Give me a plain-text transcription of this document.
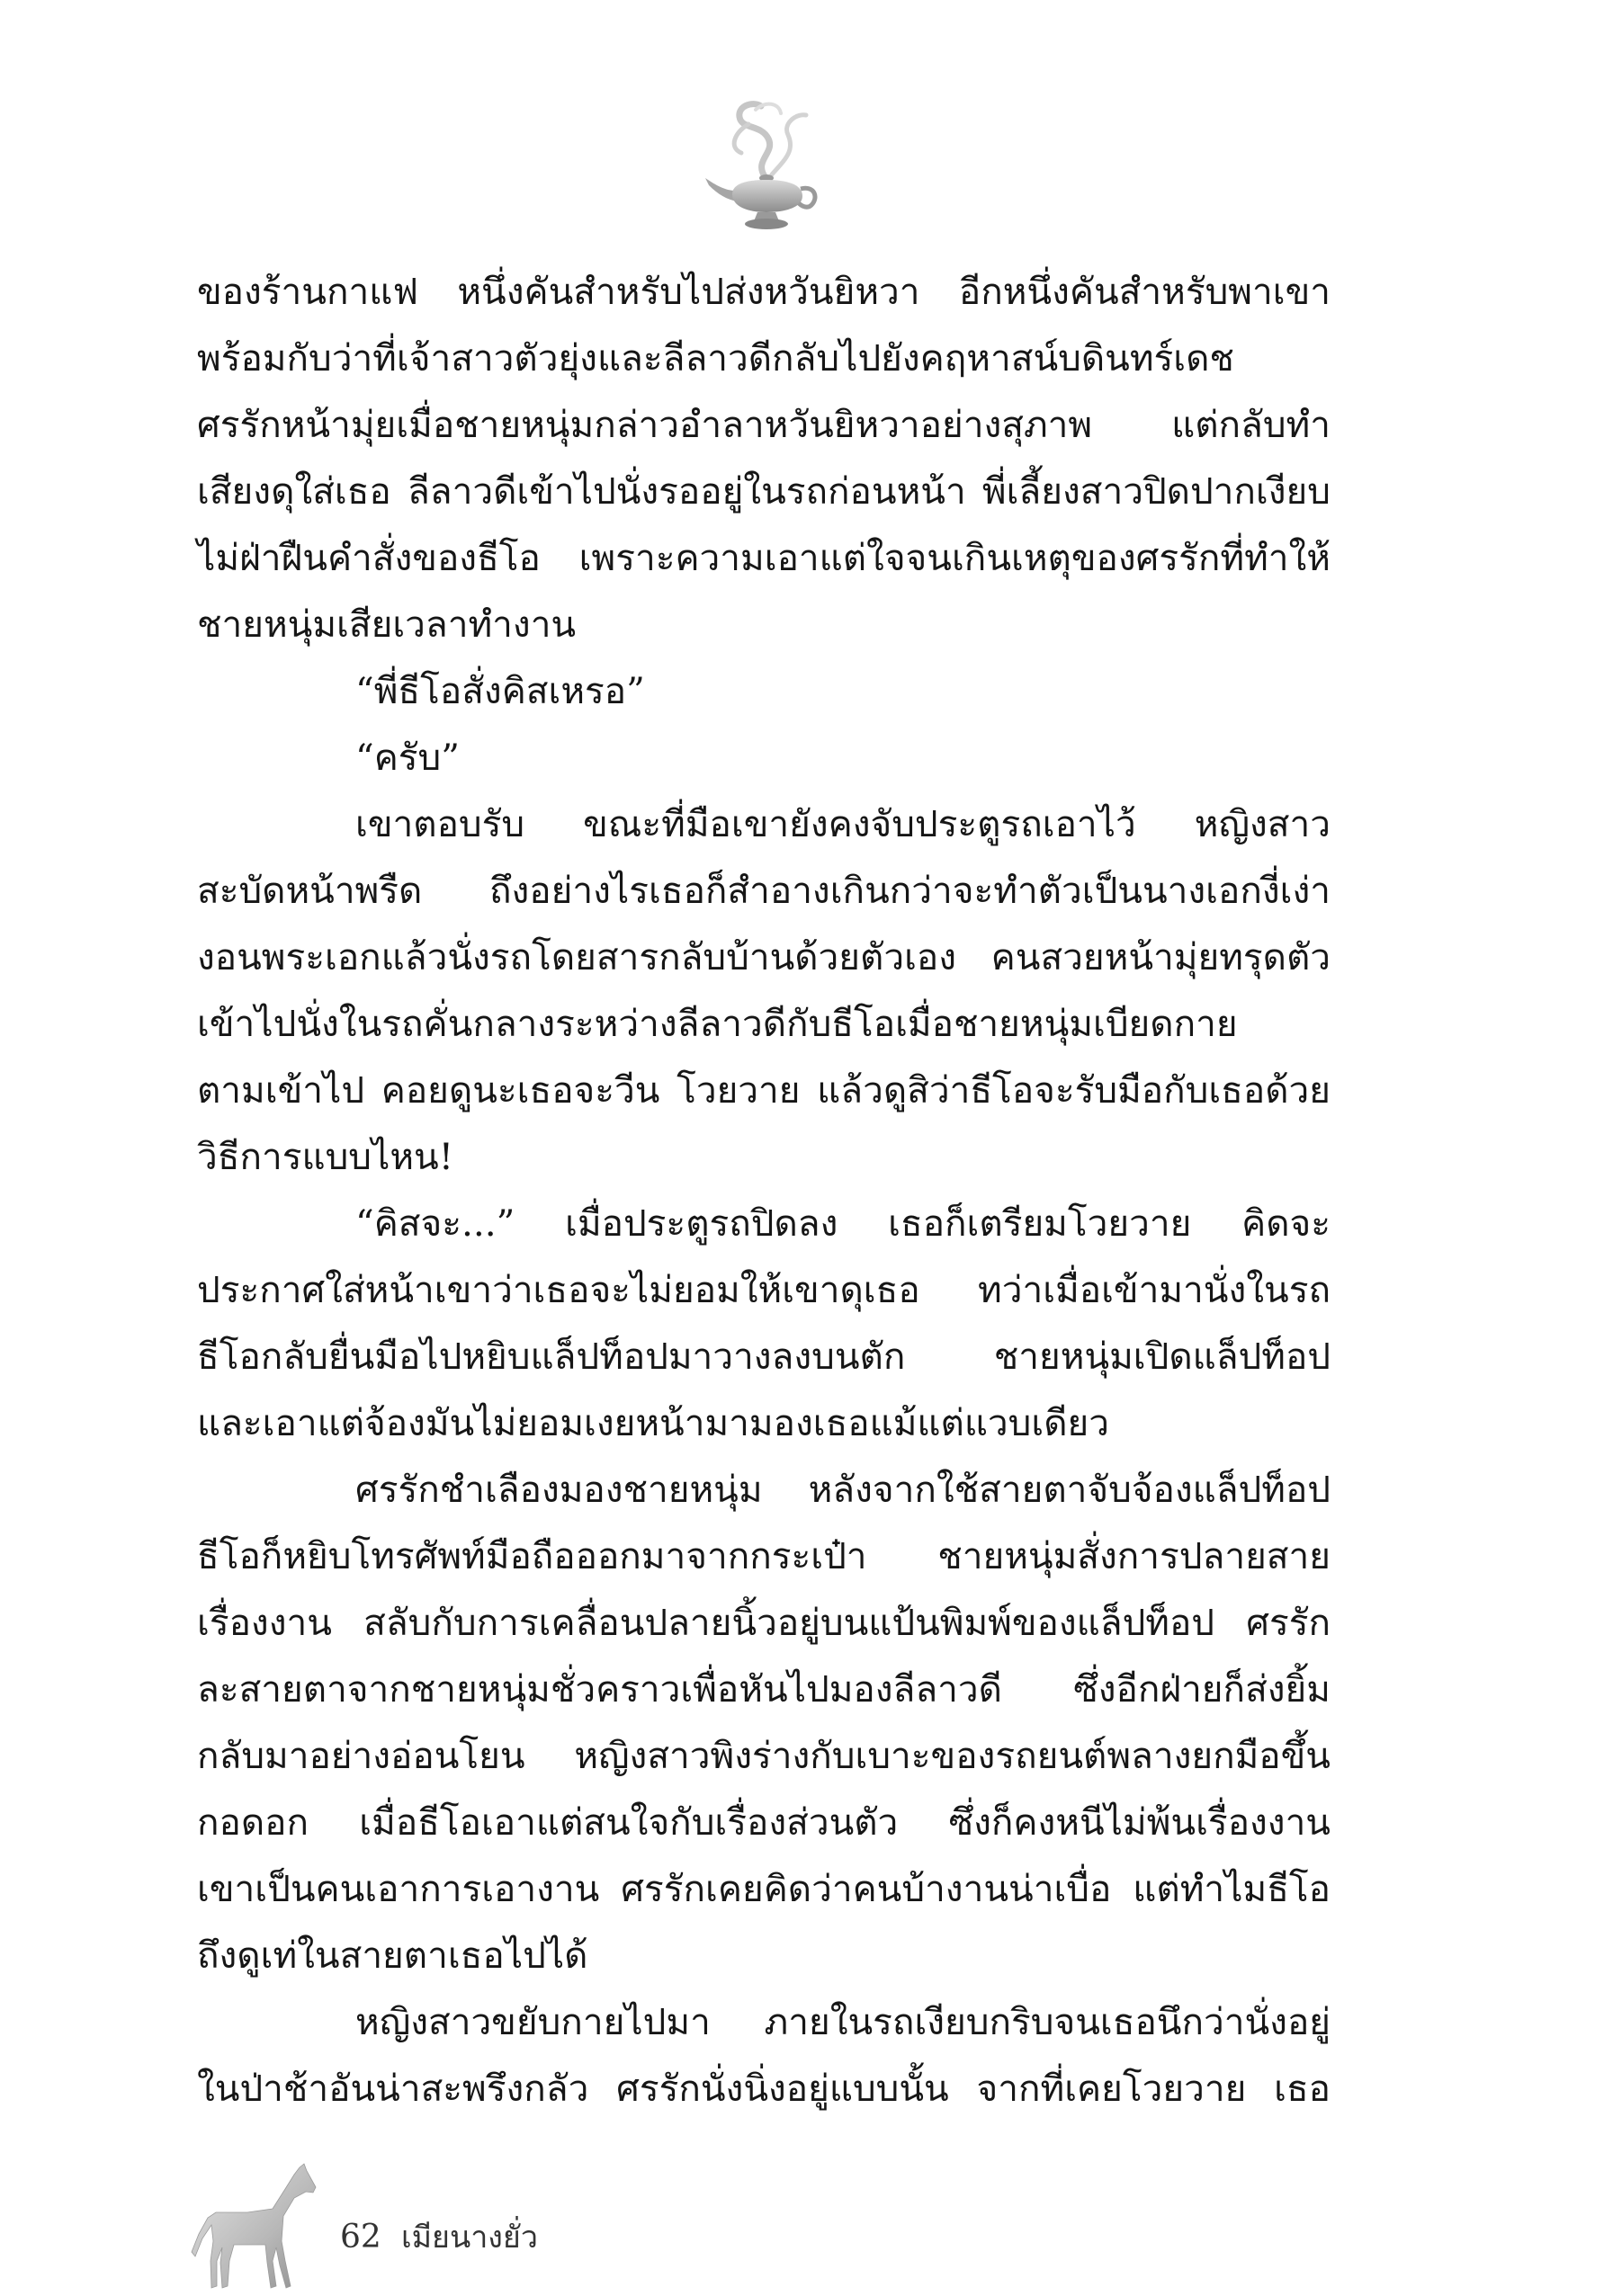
ของร้านกาแฟ หนึ่งคันสำหรับไปส่งหวันยิหวา อีกหนึ่งคันสำหรับพาเขา
พร้อมกับว่าที่เจ้าสาวตัวยุ่งและลีลาวดีกลับไปยังคฤหาสน์บดินทร์เดช
ศรรักหน้ามุ่ยเมื่อชายหนุ่มกล่าวอำลาหวันยิหวาอย่างสุภาพ แต่กลับทำ
เสียงดุใส่เธอ ลีลาวดีเข้าไปนั่งรออยู่ในรถก่อนหน้า พี่เลี้ยงสาวปิดปากเงียบ
ไม่ฝ่าฝืนคำสั่งของธีโอ เพราะความเอาแต่ใจจนเกินเหตุของศรรักที่ทำให้
ชายหนุ่มเสียเวลาทำงาน
“พี่ธีโอสั่งคิสเหรอ”
“ครับ”
เขาตอบรับ ขณะที่มือเขายังคงจับประตูรถเอาไว้ หญิงสาว
สะบัดหน้าพรืด ถึงอย่างไรเธอก็สำอางเกินกว่าจะทำตัวเป็นนางเอกงี่เง่า
งอนพระเอกแล้วนั่งรถโดยสารกลับบ้านด้วยตัวเอง คนสวยหน้ามุ่ยทรุดตัว
เข้าไปนั่งในรถคั่นกลางระหว่างลีลาวดีกับธีโอเมื่อชายหนุ่มเบียดกาย
ตามเข้าไป คอยดูนะเธอจะวีน โวยวาย แล้วดูสิว่าธีโอจะรับมือกับเธอด้วย
วิธีการแบบไหน!
“คิสจะ...” เมื่อประตูรถปิดลง เธอก็เตรียมโวยวาย คิดจะ
ประกาศใส่หน้าเขาว่าเธอจะไม่ยอมให้เขาดุเธอ ทว่าเมื่อเข้ามานั่งในรถ
ธีโอกลับยื่นมือไปหยิบแล็ปท็อปมาวางลงบนตัก ชายหนุ่มเปิดแล็ปท็อป
และเอาแต่จ้องมันไม่ยอมเงยหน้ามามองเธอแม้แต่แวบเดียว
ศรรักชำเลืองมองชายหนุ่ม หลังจากใช้สายตาจับจ้องแล็ปท็อป
ธีโอก็หยิบโทรศัพท์มือถือออกมาจากกระเป๋า ชายหนุ่มสั่งการปลายสาย
เรื่องงาน สลับกับการเคลื่อนปลายนิ้วอยู่บนแป้นพิมพ์ของแล็ปท็อป ศรรัก
ละสายตาจากชายหนุ่มชั่วคราวเพื่อหันไปมองลีลาวดี ซึ่งอีกฝ่ายก็ส่งยิ้ม
กลับมาอย่างอ่อนโยน หญิงสาวพิงร่างกับเบาะของรถยนต์พลางยกมือขึ้น
กอดอก เมื่อธีโอเอาแต่สนใจกับเรื่องส่วนตัว ซึ่งก็คงหนีไม่พ้นเรื่องงาน
เขาเป็นคนเอาการเอางาน ศรรักเคยคิดว่าคนบ้างานน่าเบื่อ แต่ทำไมธีโอ
ถึงดูเท่ในสายตาเธอไปได้
หญิงสาวขยับกายไปมา ภายในรถเงียบกริบจนเธอนึกว่านั่งอยู่
ในป่าช้าอันน่าสะพรึงกลัว ศรรักนั่งนิ่งอยู่แบบนั้น จากที่เคยโวยวาย เธอ
62 เมียนางยั่ว
